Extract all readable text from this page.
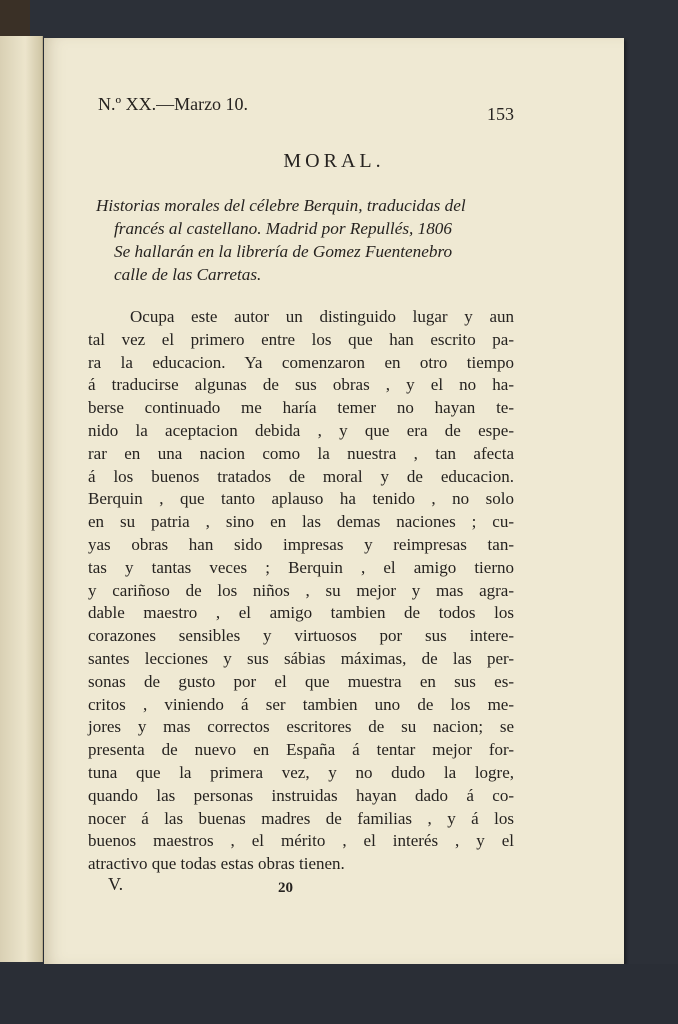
N.º XX.—Marzo 10.	153
MORAL.
Historias morales del célebre Berquin, traducidas del
francés al castellano. Madrid por Repullés, 1806
Se hallarán en la librería de Gomez Fuentenebro
calle de las Carretas.
Ocupa este autor un distinguido lugar y aun
tal vez el primero entre los que han escrito pa-
ra la educacion. Ya comenzaron en otro tiempo
á traducirse algunas de sus obras , y el no ha-
berse continuado me haría temer no hayan te-
nido la aceptacion debida , y que era de espe-
rar en una nacion como la nuestra , tan afecta
á los buenos tratados de moral y de educacion.
Berquin , que tanto aplauso ha tenido , no solo
en su patria , sino en las demas naciones ; cu-
yas obras han sido impresas y reimpresas tan-
tas y tantas veces ; Berquin , el amigo tierno
y cariñoso de los niños , su mejor y mas agra-
dable maestro , el amigo tambien de todos los
corazones sensibles y virtuosos por sus intere-
santes lecciones y sus sábias máximas, de las per-
sonas de gusto por el que muestra en sus es-
critos , viniendo á ser tambien uno de los me-
jores y mas correctos escritores de su nacion; se
presenta de nuevo en España á tentar mejor for-
tuna que la primera vez, y no dudo la logre,
quando las personas instruidas hayan dado á co-
nocer á las buenas madres de familias , y á los
buenos maestros , el mérito , el interés , y el
atractivo que todas estas obras tienen.
V.	20
